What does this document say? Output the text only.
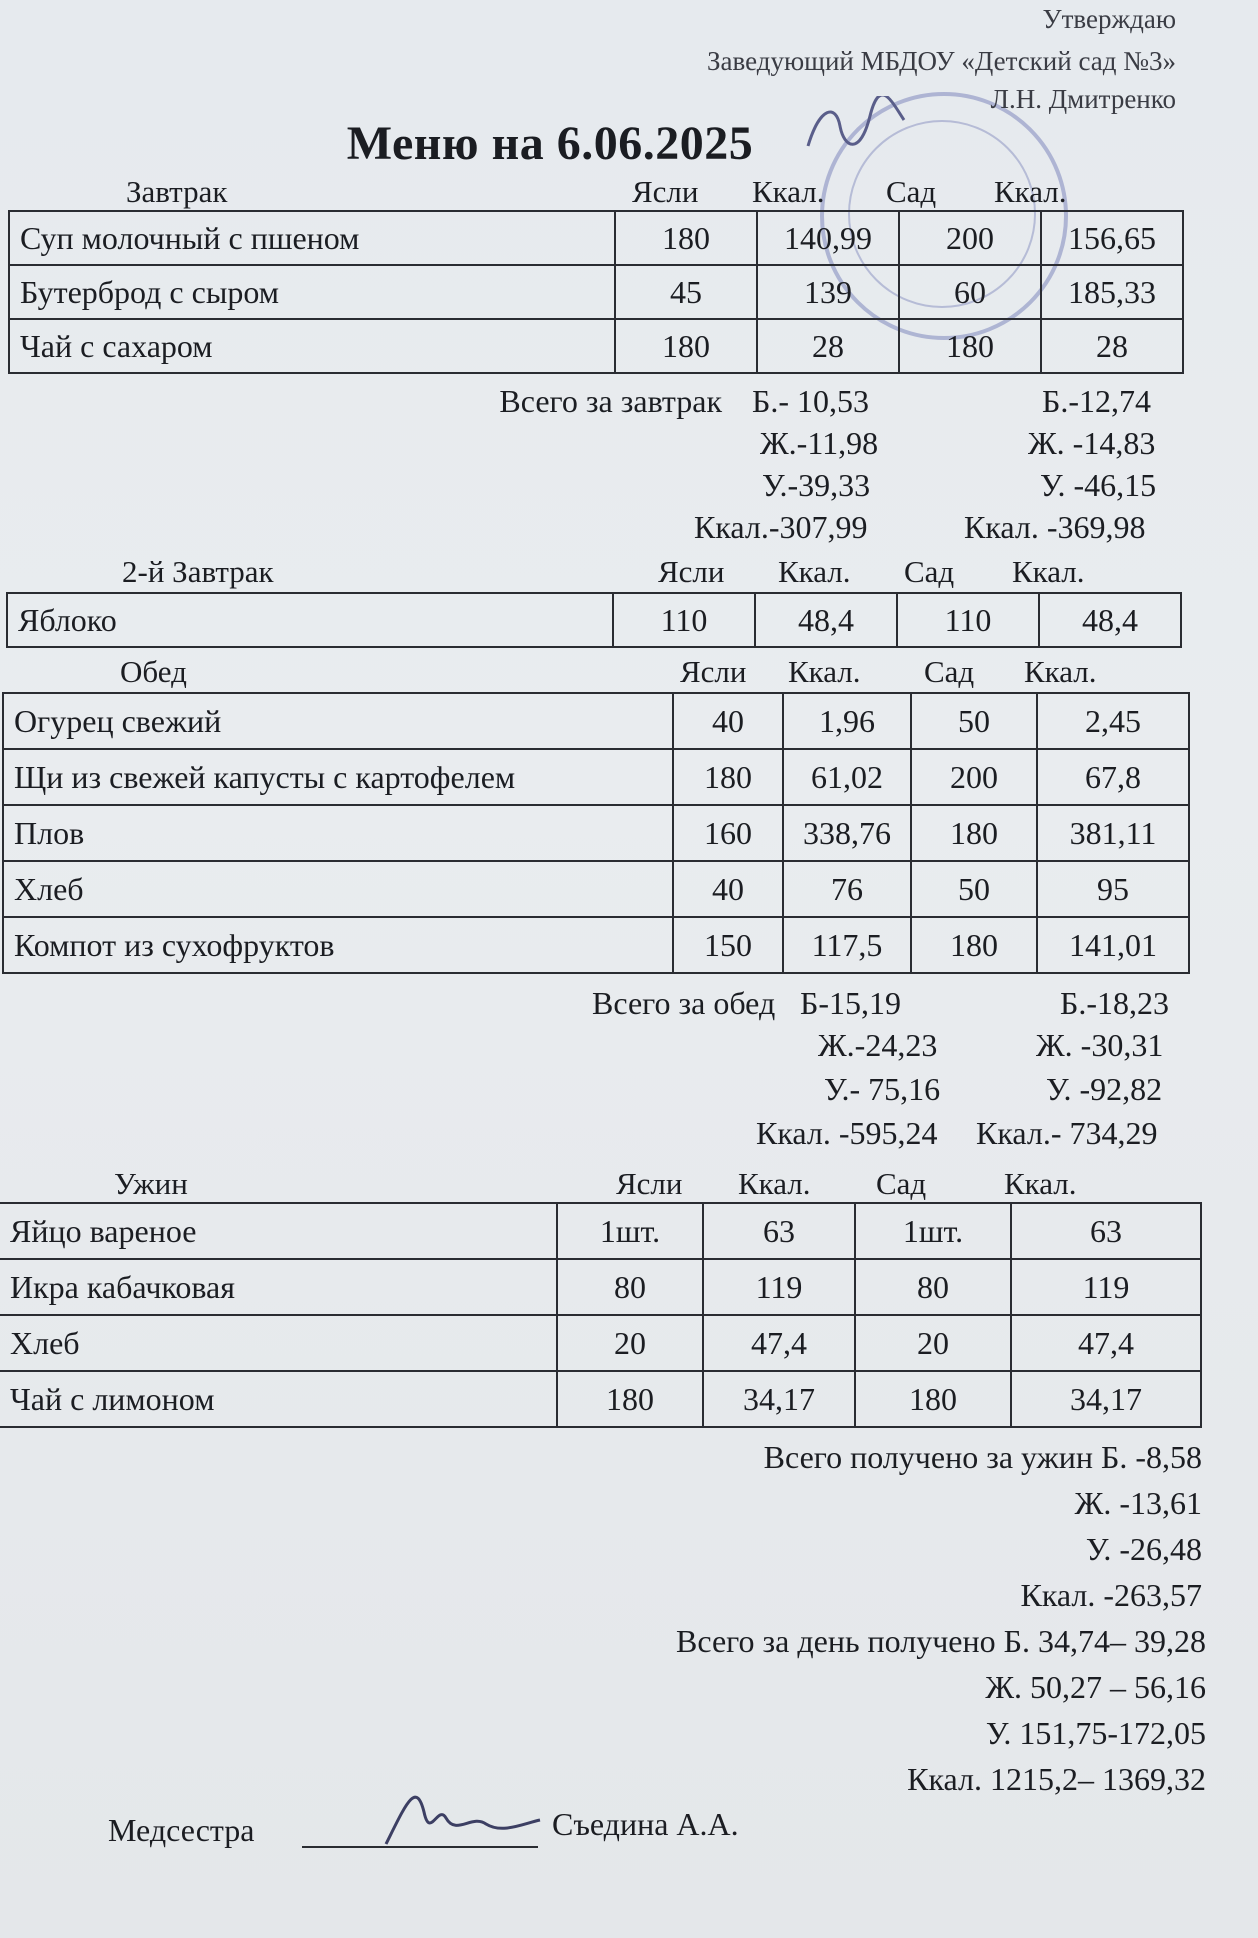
Утверждаю
Заведующий МБДОУ «Детский сад №3»
Л.Н. Дмитренко
Меню на 6.06.2025
Завтрак	Ясли Ккал. Сад Ккал.
Суп молочный с пшеном	180	140,99	200	156,65
Бутерброд с сыром	45	139	60	185,33
Чай с сахаром	180	28	180	28
Всего за завтрак Б.- 10,53	Б.-12,74
Ж.-11,98	Ж. -14,83
У.-39,33	У. -46,15
Ккал.-307,99	Ккал. -369,98
2-й Завтрак	Ясли Ккал. Сад Ккал.
Яблоко	110	48,4	110	48,4
Обед	Ясли Ккал. Сад Ккал.
Огурец свежий	40	1,96	50	2,45
Щи из свежей капусты с картофелем	180	61,02	200	67,8
Плов	160	338,76	180	381,11
Хлеб	40	76	50	95
Компот из сухофруктов	150	117,5	180	141,01
Всего за обед Б-15,19	Б.-18,23
Ж.-24,23	Ж. -30,31
У.- 75,16	У. -92,82
Ккал. -595,24 Ккал.- 734,29
Ужин	Ясли Ккал. Сад	Ккал.
Яйцо вареное	1шт.	63	1шт.	63
Икра кабачковая	80	119	80	119
Хлеб	20	47,4	20	47,4
Чай с лимоном	180	34,17	180	34,17
Всего получено за ужин Б. -8,58
Ж. -13,61
У. -26,48
Ккал. -263,57
Всего за день получено Б. 34,74– 39,28
Ж. 50,27 – 56,16
У. 151,75-172,05
Ккал. 1215,2– 1369,32
Медсестра	Съедина А.А.
